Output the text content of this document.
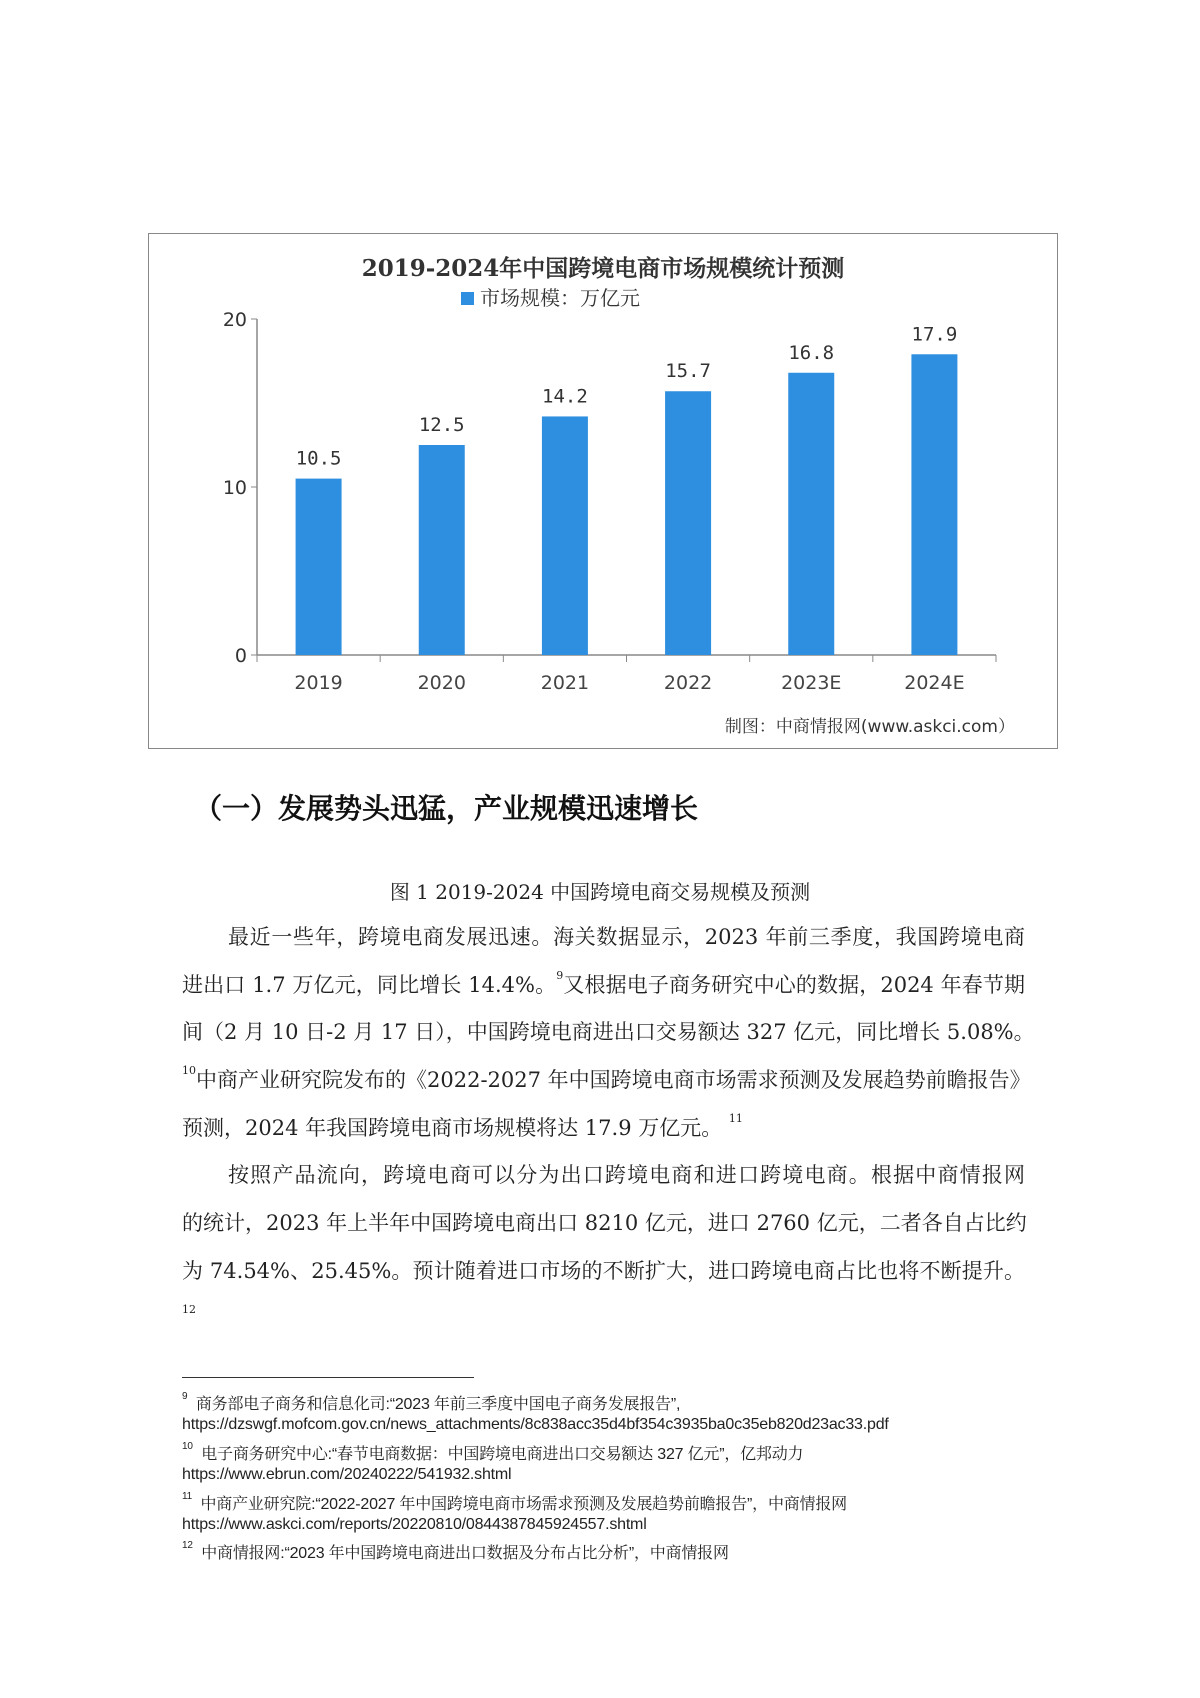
2019-2024年中国跨境电商市场规模统计预测
市场规模：万亿元
0
10
20
10.5
2019
12.5
2020
14.2
2021
15.7
2022
16.8
2023E
17.9
2024E
制图：中商情报网(www.askci.com）
（一）发展势头迅猛，产业规模迅速增长
图 1 2019-2024 中国跨境电商交易规模及预测
最近一些年，跨境电商发展迅速。海关数据显示，2023 年前三季度，我国跨境电商
进出口 1.7 万亿元，同比增长 14.4%。$^9$又根据电子商务研究中心的数据，2024 年春节期
间（2 月 10 日-2 月 17 日），中国跨境电商进出口交易额达 327 亿元，同比增长 5.08%。
$^{10}$中商产业研究院发布的《2022-2027 年中国跨境电商市场需求预测及发展趋势前瞻报告》
预测，2024 年我国跨境电商市场规模将达 17.9 万亿元。 $^{11}$
按照产品流向，跨境电商可以分为出口跨境电商和进口跨境电商。根据中商情报网
的统计，2023 年上半年中国跨境电商出口 8210 亿元，进口 2760 亿元，二者各自占比约
为 74.54%、25.45%。预计随着进口市场的不断扩大，进口跨境电商占比也将不断提升。
12
$^9$ 商务部电子商务和信息化司:“2023 年前三季度中国电子商务发展报告”,
https://dzswgf.mofcom.gov.cn/news_attachments/8c838acc35d4bf354c3935ba0c35eb820d23ac33.pdf
$^{10}$ 电子商务研究中心:“春节电商数据：中国跨境电商进出口交易额达 327 亿元”，亿邦动力
https://www.ebrun.com/20240222/541932.shtml
$^{11}$ 中商产业研究院:“2022-2027 年中国跨境电商市场需求预测及发展趋势前瞻报告”，中商情报网
https://www.askci.com/reports/20220810/0844387845924557.shtml
$^{12}$ 中商情报网:“2023 年中国跨境电商进出口数据及分布占比分析”，中商情报网
